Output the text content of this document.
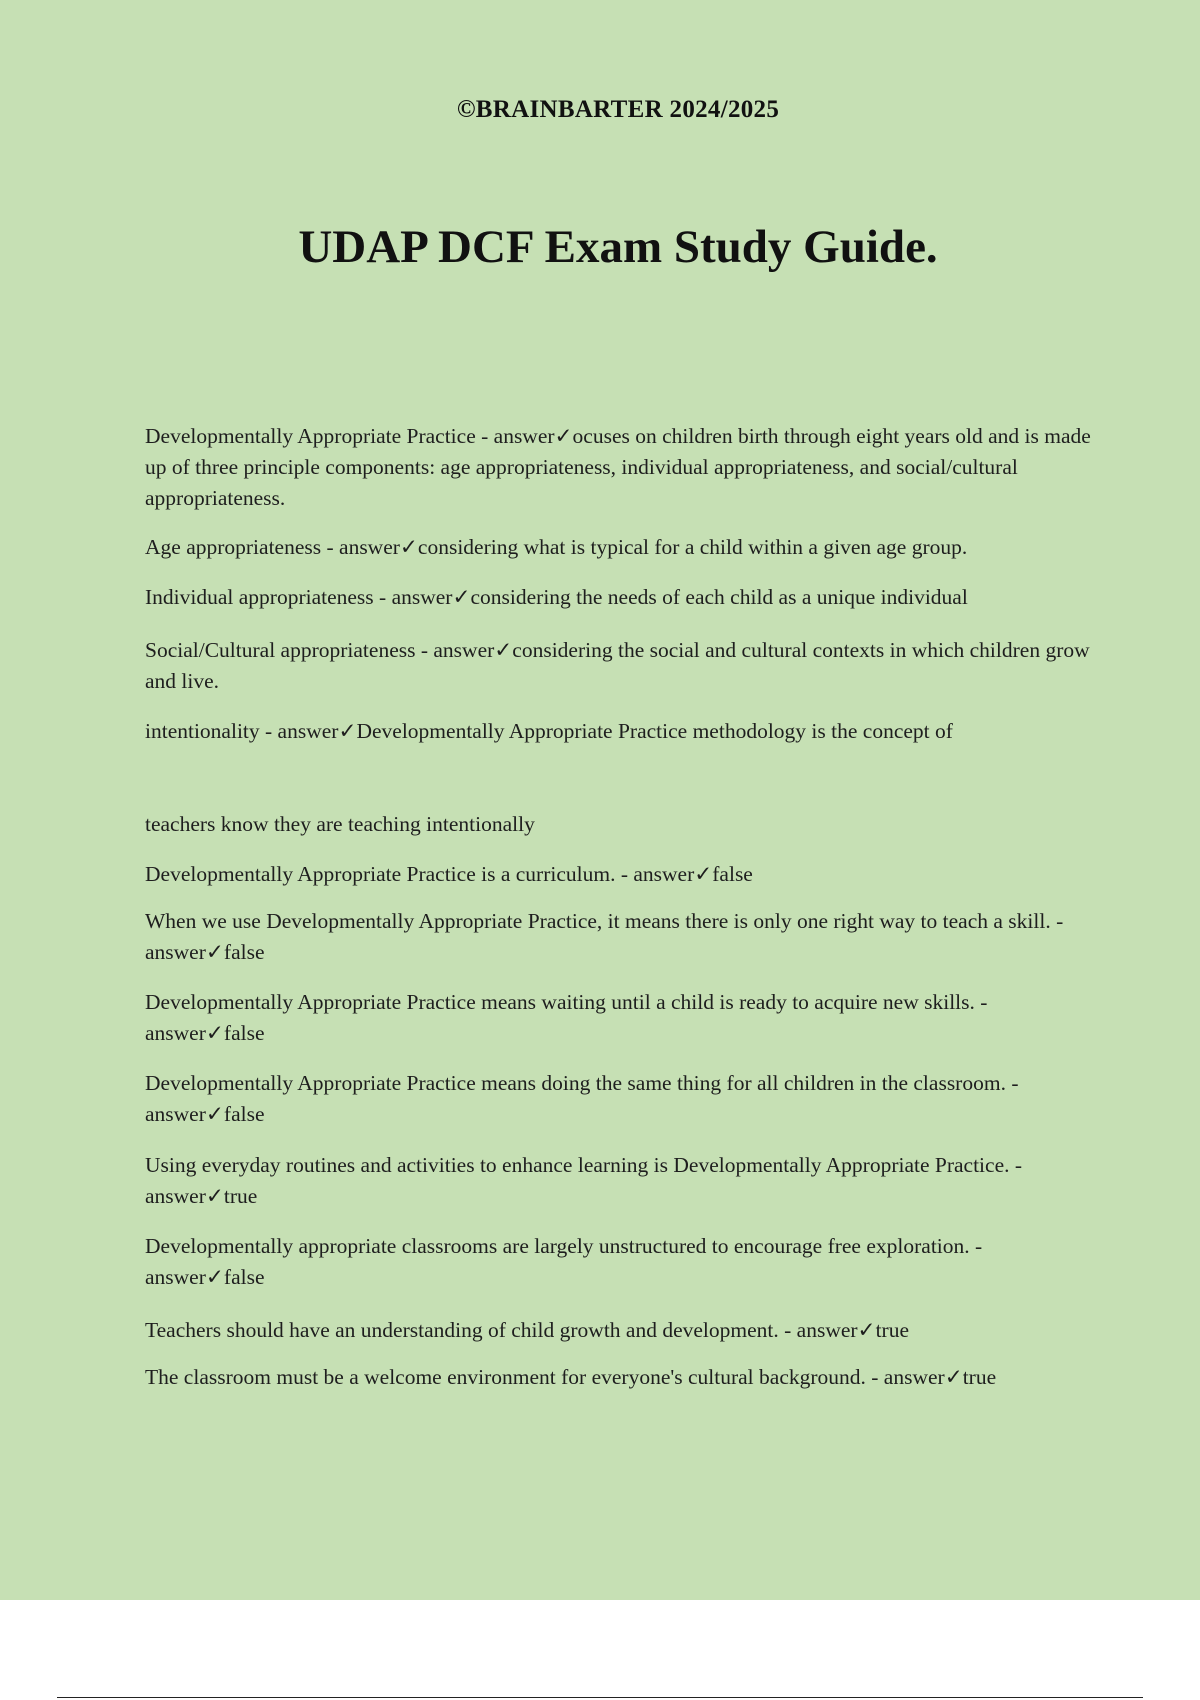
©BRAINBARTER 2024/2025
UDAP DCF Exam Study Guide.

Developmentally Appropriate Practice - answer✓ocuses on children birth through eight years old and is made up of three principle components: age appropriateness, individual appropriateness, and social/cultural appropriateness.

Age appropriateness - answer✓considering what is typical for a child within a given age group.

Individual appropriateness - answer✓considering the needs of each child as a unique individual

Social/Cultural appropriateness - answer✓considering the social and cultural contexts in which children grow and live.

intentionality - answer✓Developmentally Appropriate Practice methodology is the concept of

teachers know they are teaching intentionally

Developmentally Appropriate Practice is a curriculum. - answer✓false

When we use Developmentally Appropriate Practice, it means there is only one right way to teach a skill. - answer✓false

Developmentally Appropriate Practice means waiting until a child is ready to acquire new skills. - answer✓false

Developmentally Appropriate Practice means doing the same thing for all children in the classroom. - answer✓false

Using everyday routines and activities to enhance learning is Developmentally Appropriate Practice. - answer✓true

Developmentally appropriate classrooms are largely unstructured to encourage free exploration. - answer✓false

Teachers should have an understanding of child growth and development. - answer✓true

The classroom must be a welcome environment for everyone's cultural background. - answer✓true
